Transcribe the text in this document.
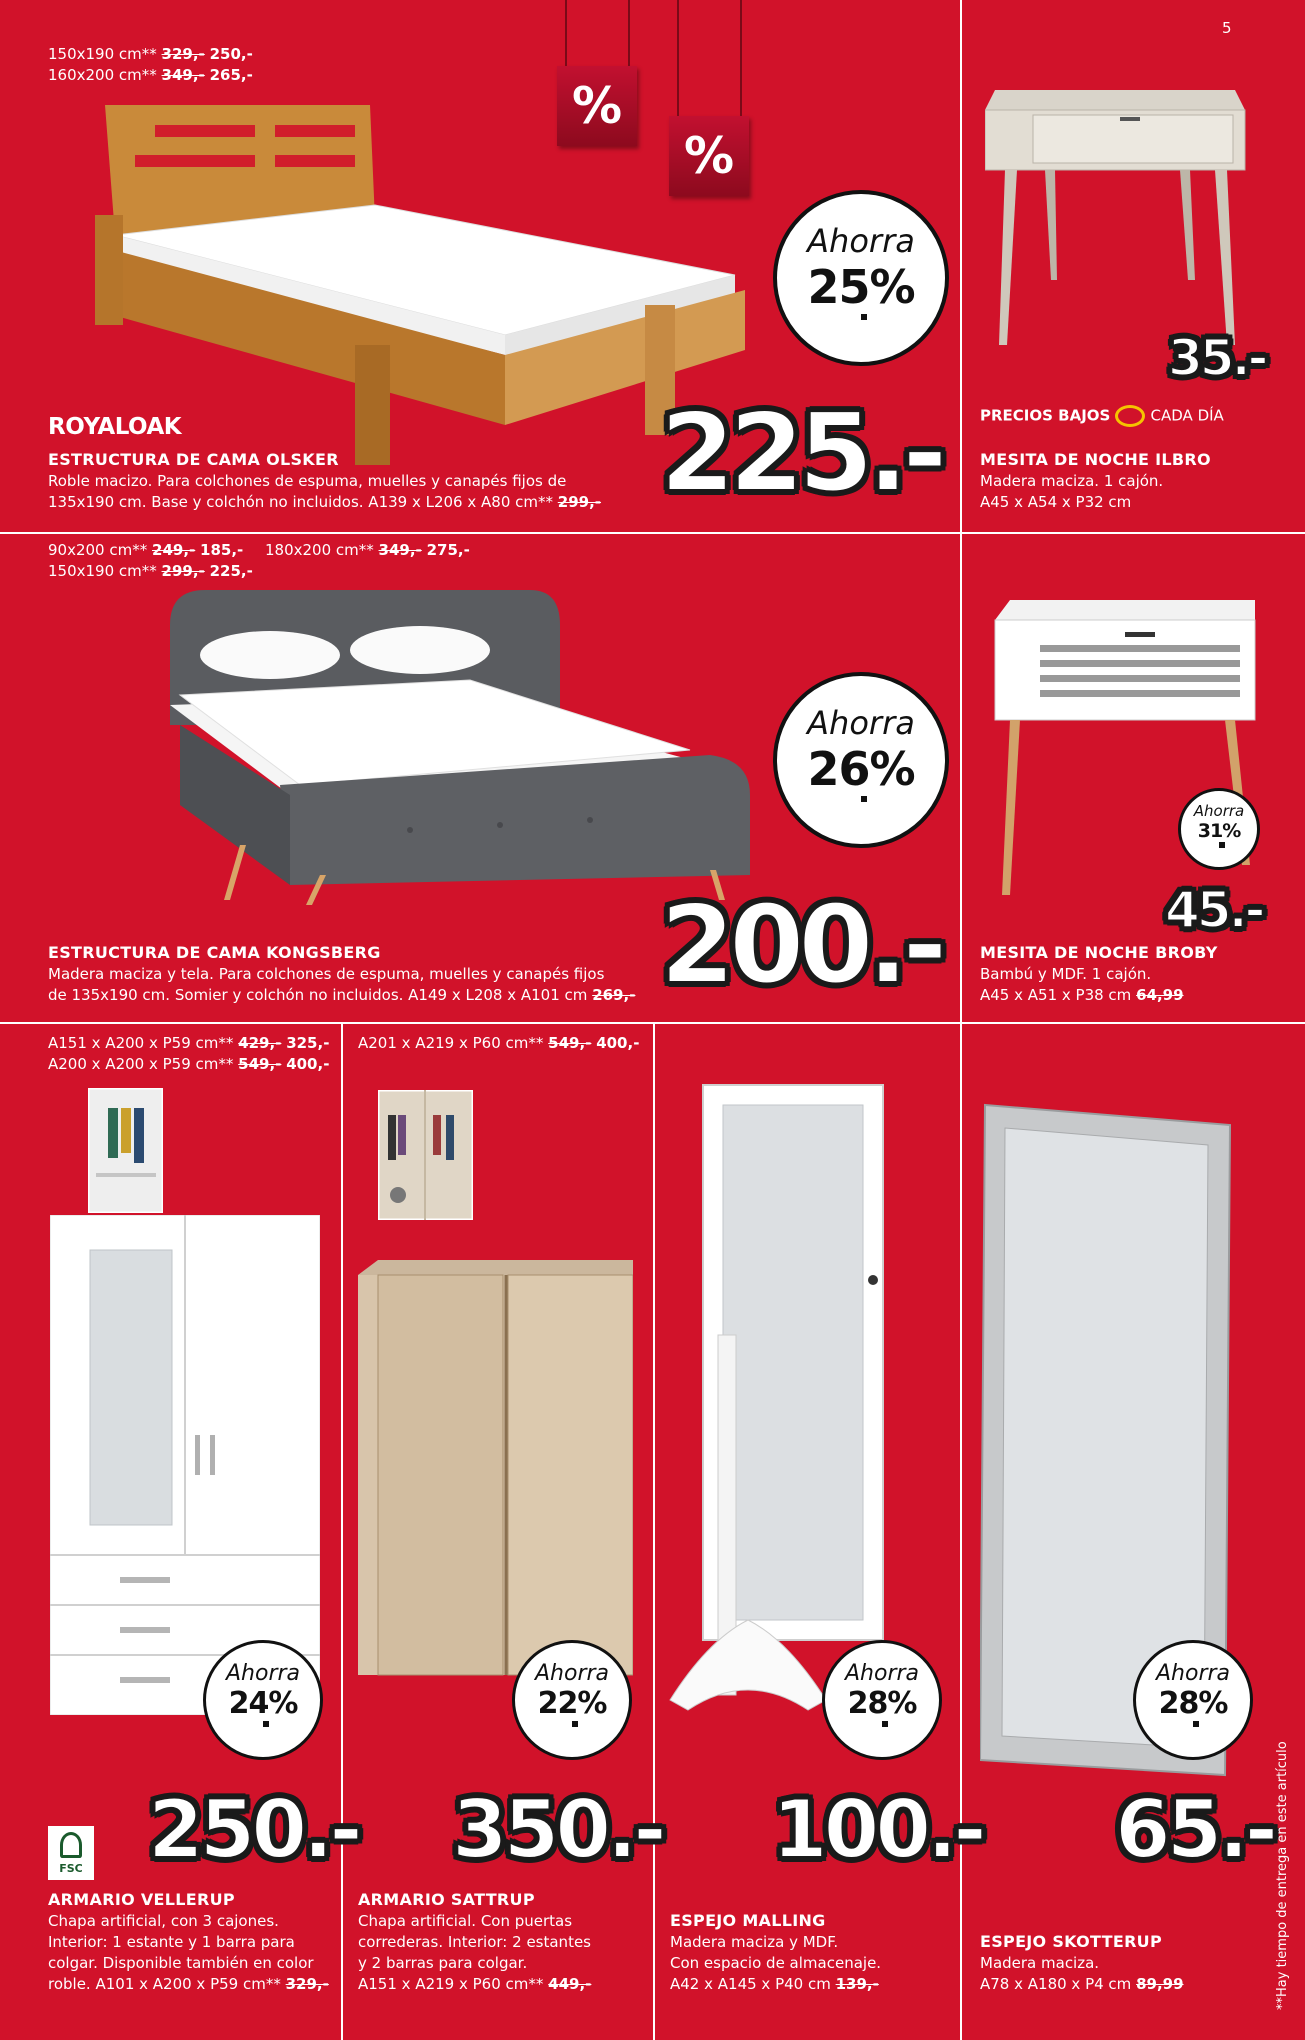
5
150x190 cm** 329,- 250,-
160x200 cm** 349,- 265,-
%
%
Ahorra
25%
ROYALOAK	225.-
ESTRUCTURA DE CAMA OLSKER
Roble macizo. Para colchones de espuma, muelles y canapés fijos de
135x190 cm. Base y colchón no incluidos. A139 x L206 x A80 cm** 299,-
35.-
PRECIOS BAJOS	CADA DÍA
MESITA DE NOCHE ILBRO
Madera maciza. 1 cajón.
A45 x A54 x P32 cm
90x200 cm** 249,- 185,- 180x200 cm** 349,- 275,-
150x190 cm** 299,- 225,-
Ahorra
26%
200.-
ESTRUCTURA DE CAMA KONGSBERG
Madera maciza y tela. Para colchones de espuma, muelles y canapés fijos
de 135x190 cm. Somier y colchón no incluidos. A149 x L208 x A101 cm 269,-
Ahorra
31%
45.-
MESITA DE NOCHE BROBY
Bambú y MDF. 1 cajón.
A45 x A51 x P38 cm 64,99
A151 x A200 x P59 cm** 429,- 325,-
A200 x A200 x P59 cm** 549,- 400,-
Ahorra
24%
FSC 250.-
ARMARIO VELLERUP
Chapa artificial, con 3 cajones.
Interior: 1 estante y 1 barra para
colgar. Disponible también en color
roble. A101 x A200 x P59 cm** 329,-
A201 x A219 x P60 cm** 549,- 400,-
Ahorra
22%
350.-
ARMARIO SATTRUP
Chapa artificial. Con puertas
correderas. Interior: 2 estantes
y 2 barras para colgar.
A151 x A219 x P60 cm** 449,-
Ahorra
28%
100.-
ESPEJO MALLING
Madera maciza y MDF.
Con espacio de almacenaje.
A42 x A145 x P40 cm 139,-
Ahorra
28%
65.-
ESPEJO SKOTTERUP
Madera maciza.
A78 x A180 x P4 cm 89,99	**Hay tiempo de entrega en este artículo
